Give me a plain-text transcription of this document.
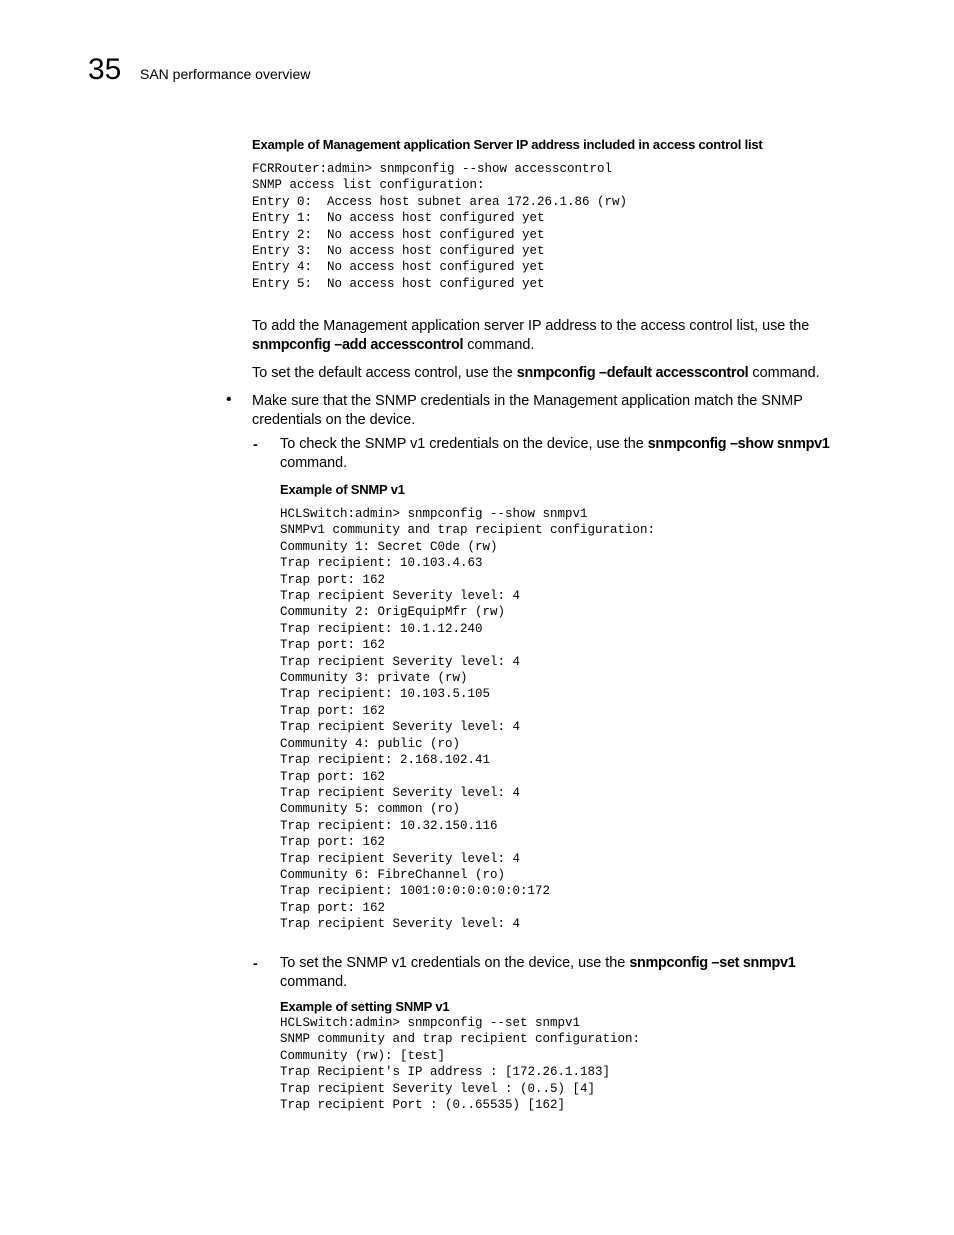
35 SAN performance overview
Example of Management application Server IP address included in access control list
FCRRouter:admin> snmpconfig --show accesscontrol
SNMP access list configuration:
Entry 0:  Access host subnet area 172.26.1.86 (rw)
Entry 1:  No access host configured yet
Entry 2:  No access host configured yet
Entry 3:  No access host configured yet
Entry 4:  No access host configured yet
Entry 5:  No access host configured yet
To add the Management application server IP address to the access control list, use the snmpconfig –add accesscontrol command.
To set the default access control, use the snmpconfig –default accesscontrol command.
• Make sure that the SNMP credentials in the Management application match the SNMP credentials on the device.
- To check the SNMP v1 credentials on the device, use the snmpconfig –show snmpv1 command.
Example of SNMP v1
HCLSwitch:admin> snmpconfig --show snmpv1
SNMPv1 community and trap recipient configuration:
Community 1: Secret C0de (rw)
Trap recipient: 10.103.4.63
Trap port: 162
Trap recipient Severity level: 4
Community 2: OrigEquipMfr (rw)
Trap recipient: 10.1.12.240
Trap port: 162
Trap recipient Severity level: 4
Community 3: private (rw)
Trap recipient: 10.103.5.105
Trap port: 162
Trap recipient Severity level: 4
Community 4: public (ro)
Trap recipient: 2.168.102.41
Trap port: 162
Trap recipient Severity level: 4
Community 5: common (ro)
Trap recipient: 10.32.150.116
Trap port: 162
Trap recipient Severity level: 4
Community 6: FibreChannel (ro)
Trap recipient: 1001:0:0:0:0:0:0:172
Trap port: 162
Trap recipient Severity level: 4
- To set the SNMP v1 credentials on the device, use the snmpconfig –set snmpv1 command.
Example of setting SNMP v1
HCLSwitch:admin> snmpconfig --set snmpv1
SNMP community and trap recipient configuration:
Community (rw): [test]
Trap Recipient's IP address : [172.26.1.183]
Trap recipient Severity level : (0..5) [4]
Trap recipient Port : (0..65535) [162]
